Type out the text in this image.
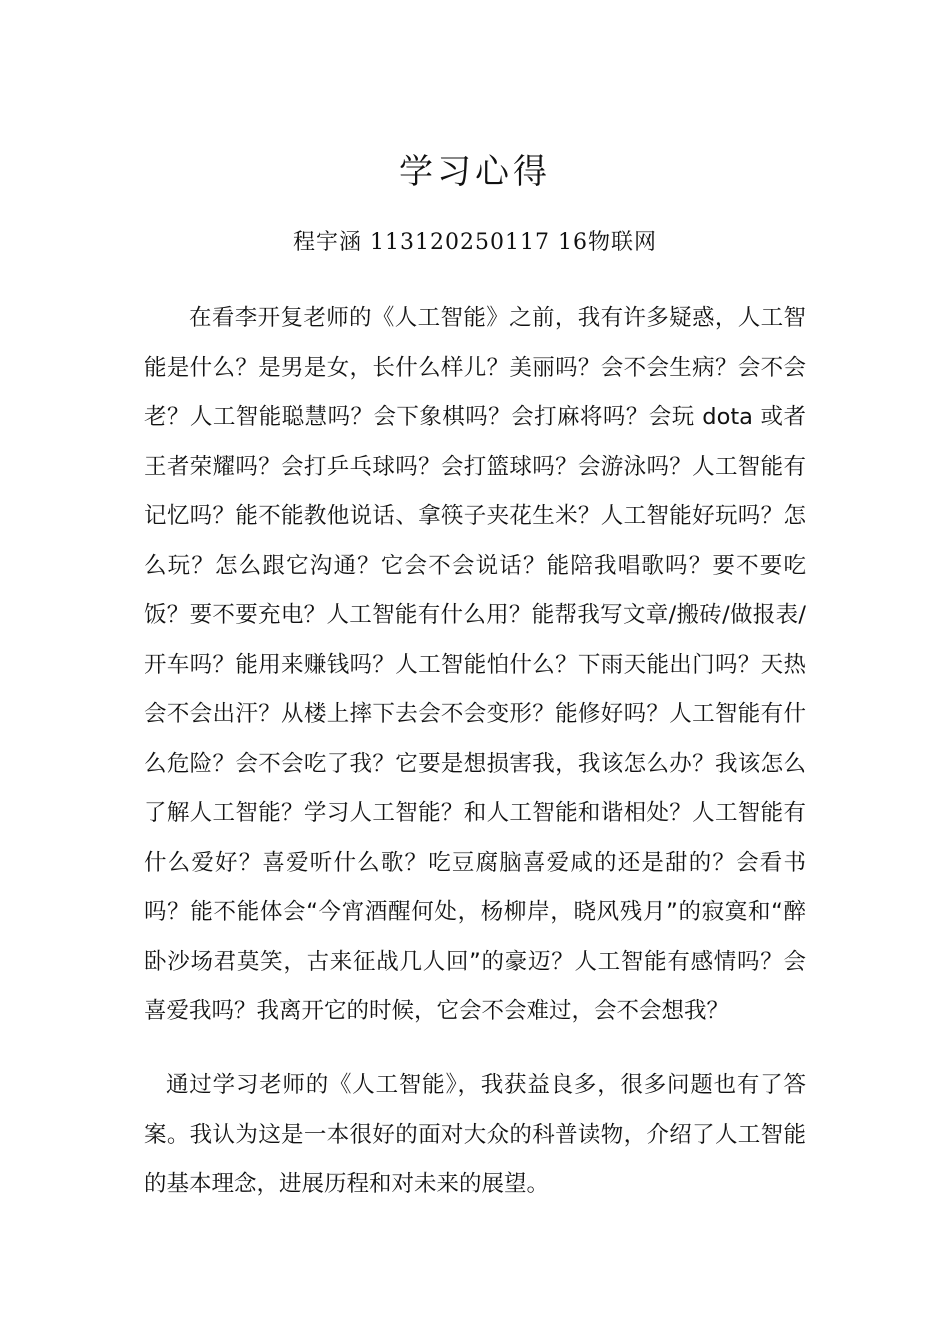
学习心得
程宇涵 113120250117 16物联网

在看李开复老师的《人工智能》之前，我有许多疑惑，人工智能是什么？是男是女，长什么样儿？美丽吗？会不会生病？会不会老？人工智能聪慧吗？会下象棋吗？会打麻将吗？会玩 dota 或者王者荣耀吗？会打乒乓球吗？会打篮球吗？会游泳吗？人工智能有记忆吗？能不能教他说话、拿筷子夹花生米？人工智能好玩吗？怎么玩？怎么跟它沟通？它会不会说话？能陪我唱歌吗？要不要吃饭？要不要充电？人工智能有什么用？能帮我写文章/搬砖/做报表/开车吗？能用来赚钱吗？人工智能怕什么？下雨天能出门吗？天热会不会出汗？从楼上摔下去会不会变形？能修好吗？人工智能有什么危险？会不会吃了我？它要是想损害我，我该怎么办？我该怎么了解人工智能？学习人工智能？和人工智能和谐相处？人工智能有什么爱好？喜爱听什么歌？吃豆腐脑喜爱咸的还是甜的？会看书吗？能不能体会“今宵酒醒何处，杨柳岸，晓风残月”的寂寞和“醉卧沙场君莫笑，古来征战几人回”的豪迈？人工智能有感情吗？会喜爱我吗？我离开它的时候，它会不会难过，会不会想我？

通过学习老师的《人工智能》，我获益良多，很多问题也有了答案。我认为这是一本很好的面对大众的科普读物，介绍了人工智能的基本理念，进展历程和对未来的展望。
